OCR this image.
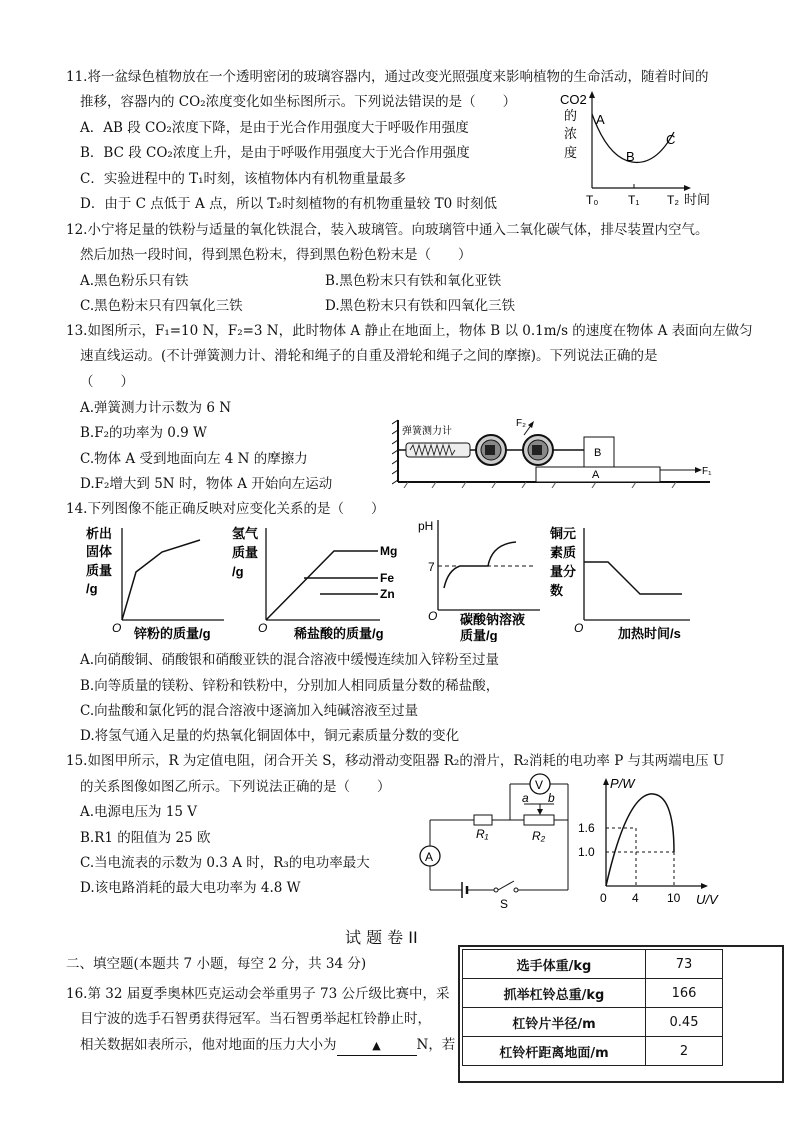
11.将一盆绿色植物放在一个透明密闭的玻璃容器内，通过改变光照强度来影响植物的生命活动，随着时间的
推移，容器内的 CO₂浓度变化如坐标图所示。下列说法错误的是（　　）
A．AB 段 CO₂浓度下降，是由于光合作用强度大于呼吸作用强度
B．BC 段 CO₂浓度上升，是由于呼吸作用强度大于光合作用强度
C．实验进程中的 T₁时刻，该植物体内有机物重量最多
D．由于 C 点低于 A 点，所以 T₂时刻植物的有机物重量较 T0 时刻低
CO2
的
浓
度
A
B
C
T₀ T₁ T₂ 时间
12.小宁将足量的铁粉与适量的氧化铁混合，装入玻璃管。向玻璃管中通入二氧化碳气体，排尽装置内空气。
然后加热一段时间，得到黑色粉末，得到黑色粉色粉末是（　　）
A.黑色粉乐只有铁	B.黑色粉末只有铁和氧化亚铁
C.黑色粉末只有四氧化三铁	D.黑色粉末只有铁和四氧化三铁
13.如图所示，F₁=10 N，F₂=3 N，此时物体 A 静止在地面上，物体 B 以 0.1m/s 的速度在物体 A 表面向左做匀
速直线运动。(不计弹簧测力计、滑轮和绳子的自重及滑轮和绳子之间的摩擦)。下列说法正确的是
（　　）
A.弹簧测力计示数为 6 N
B.F₂的功率为 0.9 W
C.物体 A 受到地面向左 4 N 的摩擦力
D.F₂增大到 5N 时，物体 A 开始向左运动
弹簧测力计
F₂
B
A	F₁
14.下列图像不能正确反映对应变化关系的是（　　）
析出
固体
质量
/g
O 锌粉的质量/g
氢气
质量
/g
Mg
Fe
Zn
O 稀盐酸的质量/g
pH
7
O 碳酸钠溶液
质量/g
铜元
素质
量分
数
O	加热时间/s
A.向硝酸铜、硝酸银和硝酸亚铁的混合溶液中缓慢连续加入锌粉至过量
B.向等质量的镁粉、锌粉和铁粉中，分别加人相同质量分数的稀盐酸，
C.向盐酸和氯化钙的混合溶液中逐滴加入纯碱溶液至过量
D.将氢气通入足量的灼热氧化铜固体中，铜元素质量分数的变化
15.如图甲所示，R 为定值电阻，闭合开关 S，移动滑动变阻器 R₂的滑片，R₂消耗的电功率 P 与其两端电压 U
的关系图像如图乙所示。下列说法正确的是（　　）
A.电源电压为 15 V
B.R1 的阻值为 25 欧
C.当电流表的示数为 0.3 A 时，R₃的电功率最大
D.该电路消耗的最大电功率为 4.8 W
V
a b
R₁	R₂
A
S
P/W
1.6
1.0
0 4 10 U/V
试 题 卷 II
二、填空题(本题共 7 小题，每空 2 分，共 34 分)
16.第 32 届夏季奥林匹克运动会举重男子 73 公斤级比赛中，采
目宁波的选手石智勇获得冠军。当石智勇举起杠铃静止时，
相关数据如表所示，他对地面的压力大小为	▲	N，若
选手体重/kg	73
抓举杠铃总重/kg	166
杠铃片半径/m	0.45
杠铃杆距离地面/m	2
